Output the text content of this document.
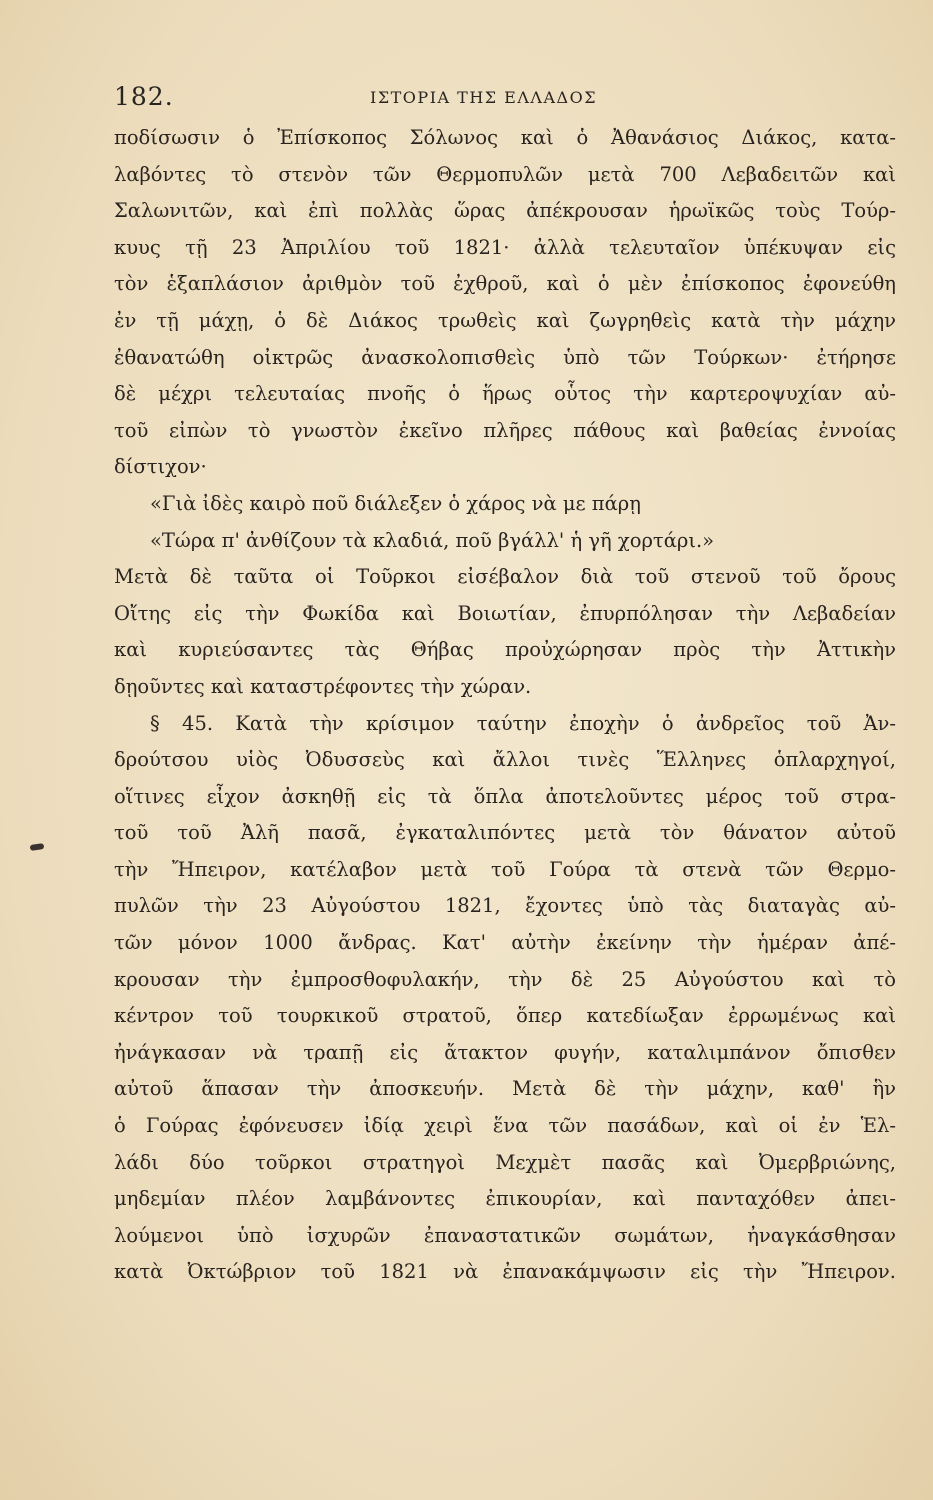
182.	ΙΣΤΟΡΙΑ ΤΗΣ ΕΛΛΑΔΟΣ
ποδίσωσιν ὁ Ἐπίσκοπος Σόλωνος καὶ ὁ Ἀθανάσιος Διάκος, κατα-
λαβόντες τὸ στενὸν τῶν Θερμοπυλῶν μετὰ 700 Λεβαδειτῶν καὶ
Σαλωνιτῶν, καὶ ἐπὶ πολλὰς ὥρας ἀπέκρουσαν ἡρωϊκῶς τοὺς Τούρ-
κυυς τῇ 23 Ἀπριλίου τοῦ 1821· ἀλλὰ τελευταῖον ὑπέκυψαν εἰς
τὸν ἑξαπλάσιον ἀριθμὸν τοῦ ἐχθροῦ, καὶ ὁ μὲν ἐπίσκοπος ἐφονεύθη
ἐν τῇ μάχῃ, ὁ δὲ Διάκος τρωθεὶς καὶ ζωγρηθεὶς κατὰ τὴν μάχην
ἐθανατώθη οἰκτρῶς ἀνασκολοπισθεὶς ὑπὸ τῶν Τούρκων· ἐτήρησε
δὲ μέχρι τελευταίας πνοῆς ὁ ἥρως οὗτος τὴν καρτεροψυχίαν αὐ-
τοῦ εἰπὼν τὸ γνωστὸν ἐκεῖνο πλῆρες πάθους καὶ βαθείας ἐννοίας
δίστιχον·
«Γιὰ ἰδὲς καιρὸ ποῦ διάλεξεν ὁ χάρος νὰ με πάρῃ
«Τώρα π' ἀνθίζουν τὰ κλαδιά, ποῦ βγάλλ' ἡ γῆ χορτάρι.»
Μετὰ δὲ ταῦτα οἱ Τοῦρκοι εἰσέβαλον διὰ τοῦ στενοῦ τοῦ ὄρους
Οἴτης εἰς τὴν Φωκίδα καὶ Βοιωτίαν, ἐπυρπόλησαν τὴν Λεβαδείαν
καὶ κυριεύσαντες τὰς Θήβας προὐχώρησαν πρὸς τὴν Ἀττικὴν
δῃοῦντες καὶ καταστρέφοντες τὴν χώραν.
§ 45. Κατὰ τὴν κρίσιμον ταύτην ἐποχὴν ὁ ἀνδρεῖος τοῦ Ἀν-
δρούτσου υἱὸς Ὀδυσσεὺς καὶ ἄλλοι τινὲς Ἕλληνες ὁπλαρχηγοί,
οἵτινες εἶχον ἀσκηθῇ εἰς τὰ ὅπλα ἀποτελοῦντες μέρος τοῦ στρα-
τοῦ τοῦ Ἀλῆ πασᾶ, ἐγκαταλιπόντες μετὰ τὸν θάνατον αὐτοῦ
τὴν Ἤπειρον, κατέλαβον μετὰ τοῦ Γούρα τὰ στενὰ τῶν Θερμο-
πυλῶν τὴν 23 Αὐγούστου 1821, ἔχοντες ὑπὸ τὰς διαταγὰς αὐ-
τῶν μόνον 1000 ἄνδρας. Κατ' αὐτὴν ἐκείνην τὴν ἡμέραν ἀπέ-
κρουσαν τὴν ἐμπροσθοφυλακήν, τὴν δὲ 25 Αὐγούστου καὶ τὸ
κέντρον τοῦ τουρκικοῦ στρατοῦ, ὅπερ κατεδίωξαν ἐρρωμένως καὶ
ἠνάγκασαν νὰ τραπῇ εἰς ἄτακτον φυγήν, καταλιμπάνον ὄπισθεν
αὐτοῦ ἅπασαν τὴν ἀποσκευήν. Μετὰ δὲ τὴν μάχην, καθ' ἣν
ὁ Γούρας ἐφόνευσεν ἰδίᾳ χειρὶ ἕνα τῶν πασάδων, καὶ οἱ ἐν Ἑλ-
λάδι δύο τοῦρκοι στρατηγοὶ Μεχμὲτ πασᾶς καὶ Ὀμερβριώνης,
μηδεμίαν πλέον λαμβάνοντες ἐπικουρίαν, καὶ πανταχόθεν ἀπει-
λούμενοι ὑπὸ ἰσχυρῶν ἐπαναστατικῶν σωμάτων, ἠναγκάσθησαν
κατὰ Ὀκτώβριον τοῦ 1821 νὰ ἐπανακάμψωσιν εἰς τὴν Ἤπειρον.
